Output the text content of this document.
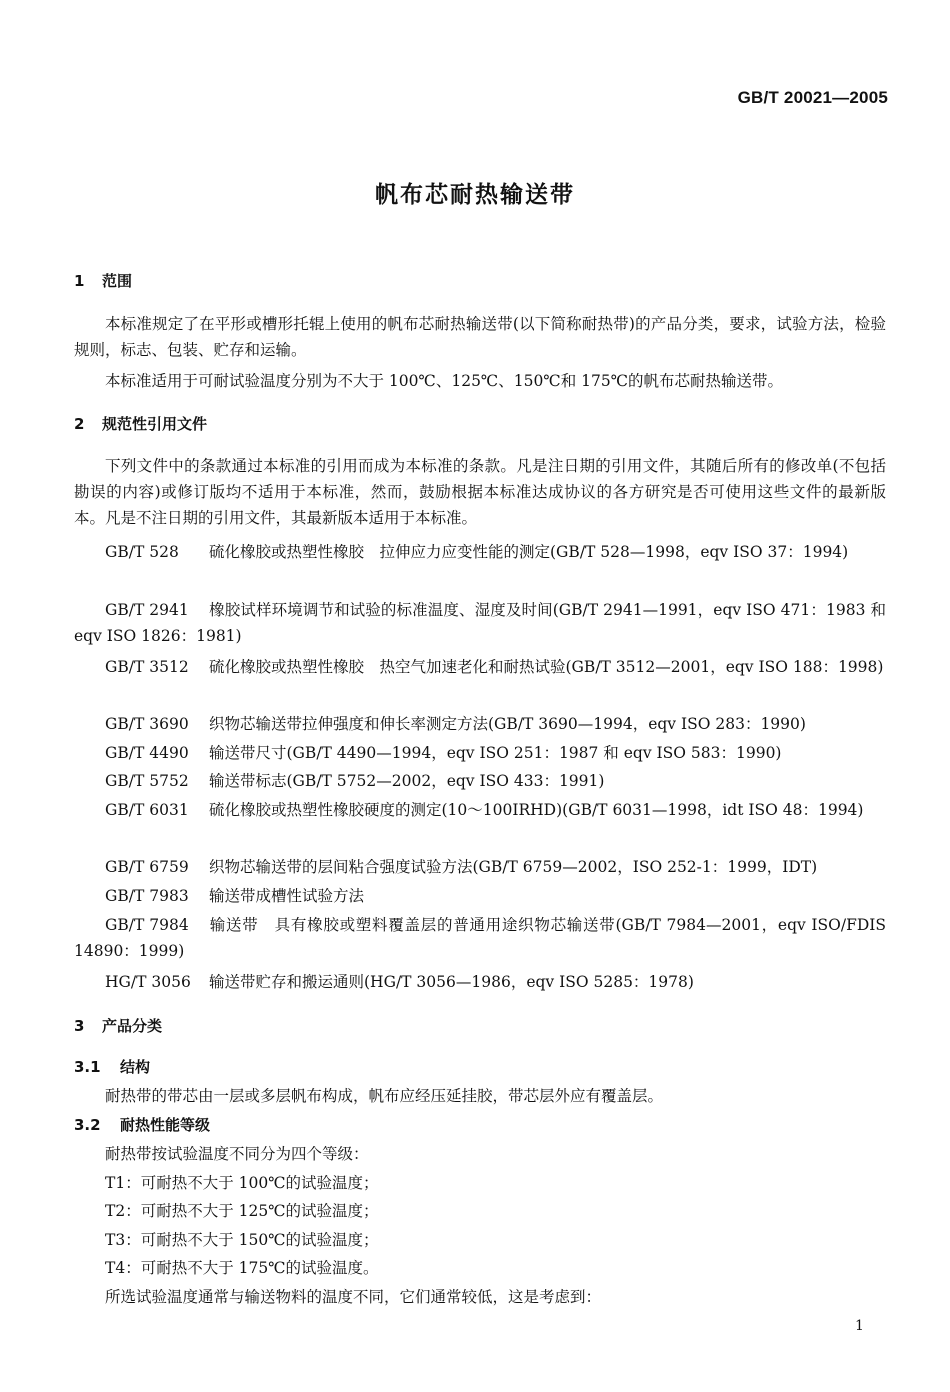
GB/T 20021—2005
帆布芯耐热输送带
1 范围
本标准规定了在平形或槽形托辊上使用的帆布芯耐热输送带(以下简称耐热带)的产品分类，要求，试验方法，检验规则，标志、包装、贮存和运输。
本标准适用于可耐试验温度分别为不大于 100℃、125℃、150℃和 175℃的帆布芯耐热输送带。
2 规范性引用文件
下列文件中的条款通过本标准的引用而成为本标准的条款。凡是注日期的引用文件，其随后所有的修改单(不包括勘误的内容)或修订版均不适用于本标准，然而，鼓励根据本标准达成协议的各方研究是否可使用这些文件的最新版本。凡是不注日期的引用文件，其最新版本适用于本标准。
GB/T 528 硫化橡胶或热塑性橡胶　拉伸应力应变性能的测定(GB/T 528—1998，eqv ISO 37：1994)
GB/T 2941 橡胶试样环境调节和试验的标准温度、湿度及时间(GB/T 2941—1991，eqv ISO 471：1983 和 eqv ISO 1826：1981)
GB/T 3512 硫化橡胶或热塑性橡胶　热空气加速老化和耐热试验(GB/T 3512—2001，eqv ISO 188：1998)
GB/T 3690 织物芯输送带拉伸强度和伸长率测定方法(GB/T 3690—1994，eqv ISO 283：1990)
GB/T 4490 输送带尺寸(GB/T 4490—1994，eqv ISO 251：1987 和 eqv ISO 583：1990)
GB/T 5752 输送带标志(GB/T 5752—2002，eqv ISO 433：1991)
GB/T 6031 硫化橡胶或热塑性橡胶硬度的测定(10～100IRHD)(GB/T 6031—1998，idt ISO 48：1994)
GB/T 6759 织物芯输送带的层间粘合强度试验方法(GB/T 6759—2002，ISO 252-1：1999，IDT)
GB/T 7983 输送带成槽性试验方法
GB/T 7984 输送带　具有橡胶或塑料覆盖层的普通用途织物芯输送带(GB/T 7984—2001，eqv ISO/FDIS 14890：1999)
HG/T 3056 输送带贮存和搬运通则(HG/T 3056—1986，eqv ISO 5285：1978)
3 产品分类
3.1 结构
耐热带的带芯由一层或多层帆布构成，帆布应经压延挂胶，带芯层外应有覆盖层。
3.2 耐热性能等级
耐热带按试验温度不同分为四个等级：
T1：可耐热不大于 100℃的试验温度；
T2：可耐热不大于 125℃的试验温度；
T3：可耐热不大于 150℃的试验温度；
T4：可耐热不大于 175℃的试验温度。
所选试验温度通常与输送物料的温度不同，它们通常较低，这是考虑到：
1
